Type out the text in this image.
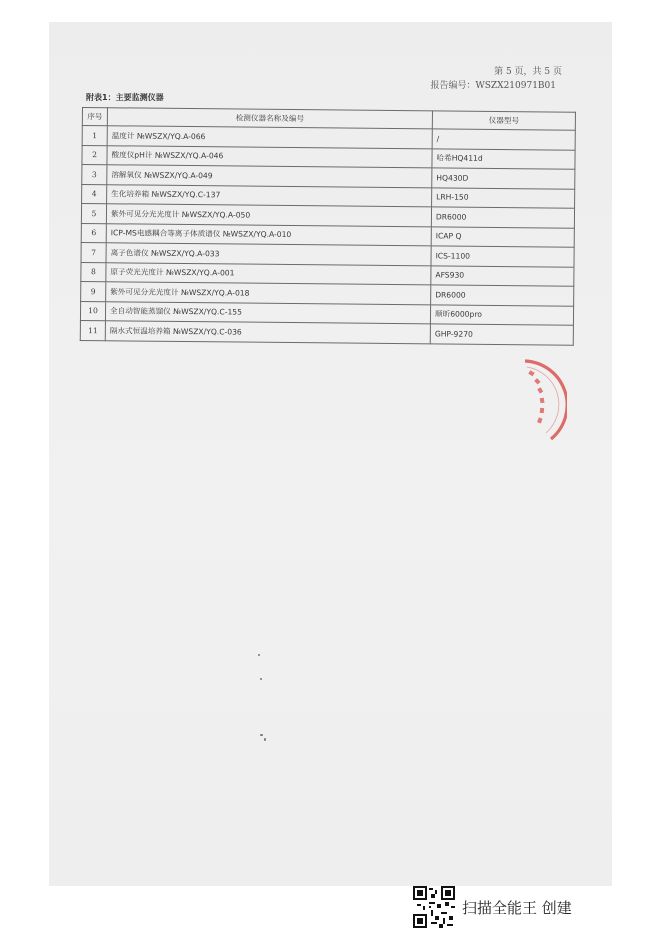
第 5 页，共 5 页
报告编号：WSZX210971B01
附表1：主要监测仪器
序号	检测仪器名称及编号	仪器型号
1	温度计 №WSZX/YQ.A-066	/
2	酸度仪pH计 №WSZX/YQ.A-046	哈希HQ411d
3	溶解氧仪 №WSZX/YQ.A-049	HQ430D
4	生化培养箱 №WSZX/YQ.C-137	LRH-150
5	紫外可见分光光度计 №WSZX/YQ.A-050	DR6000
6	ICP-MS电感耦合等离子体质谱仪 №WSZX/YQ.A-010	ICAP Q
7	离子色谱仪 №WSZX/YQ.A-033	ICS-1100
8	原子荧光光度计 №WSZX/YQ.A-001	AFS930
9	紫外可见分光光度计 №WSZX/YQ.A-018	DR6000
10	全自动智能蒸馏仪 №WSZX/YQ.C-155	顺昕6000pro
11	隔水式恒温培养箱 №WSZX/YQ.C-036	GHP-9270
扫描全能王 创建
